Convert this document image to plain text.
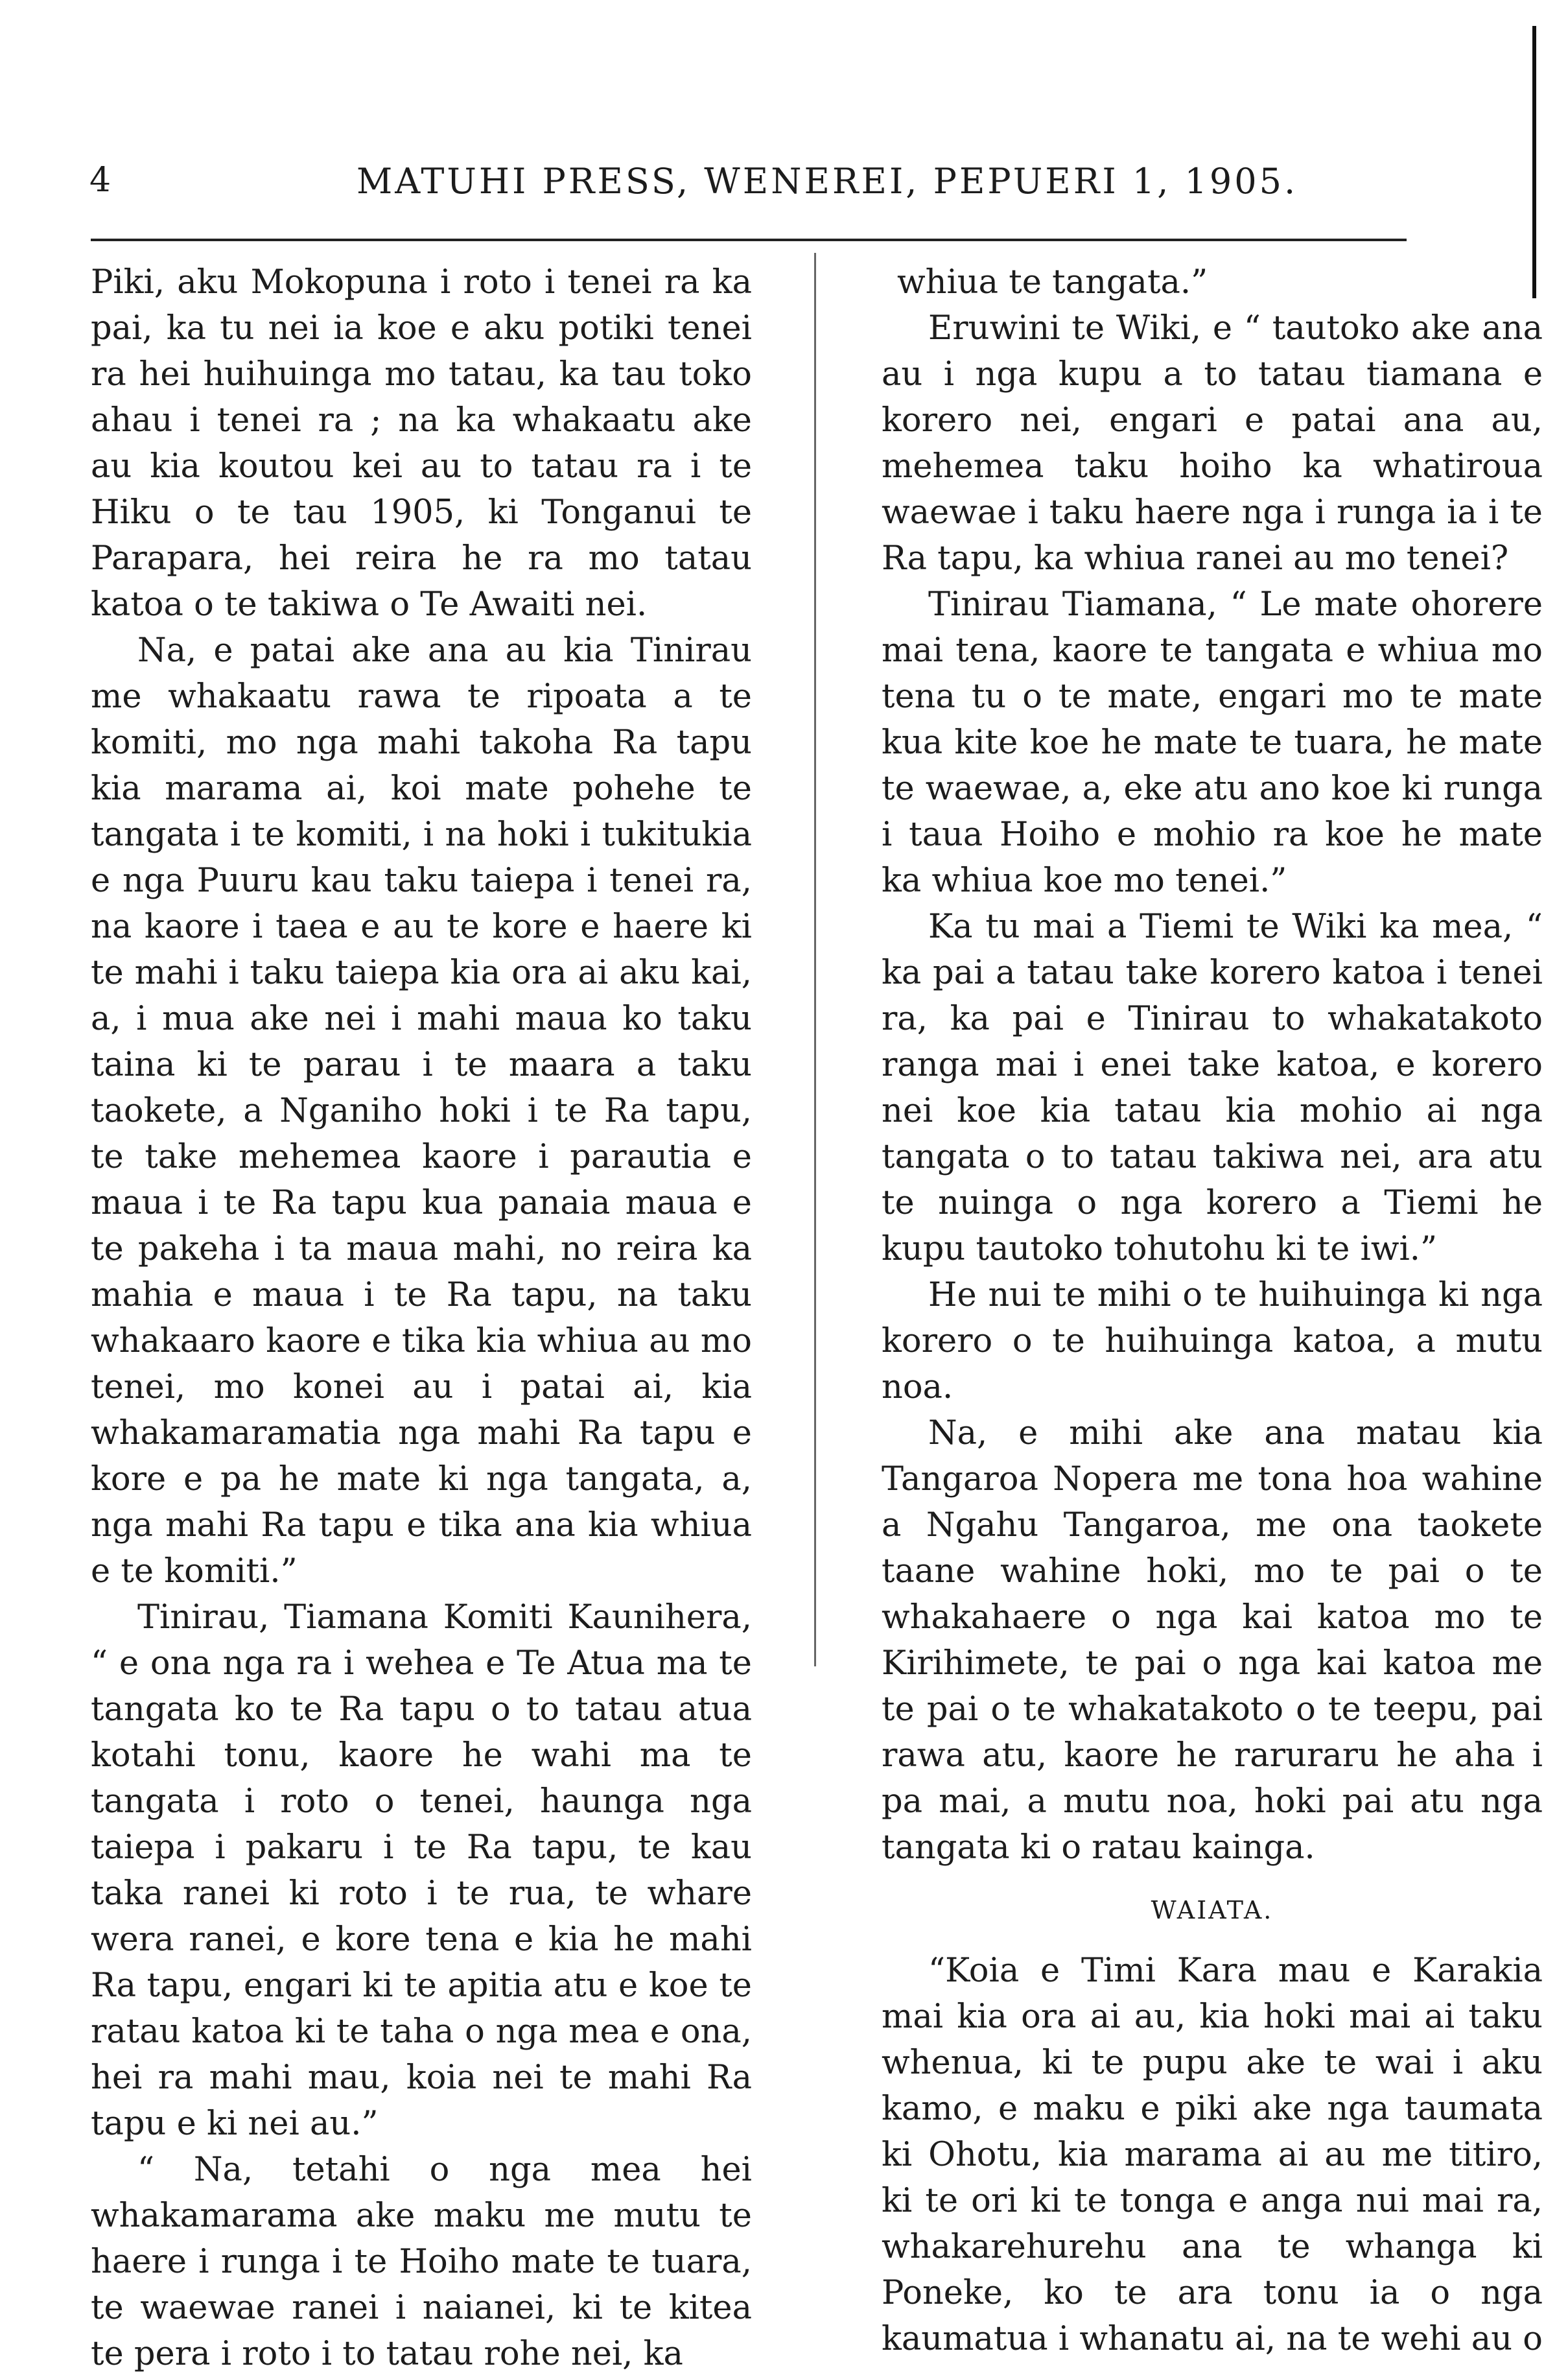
4	MATUHI PRESS, WENEREI, PEPUERI 1, 1905.

Piki, aku Mokopuna i roto i tenei ra ka pai, ka tu nei ia koe e aku potiki tenei ra hei huihuinga mo tatau, ka tau toko ahau i tenei ra ; na ka whakaatu ake au kia koutou kei au to tatau ra i te Hiku o te tau 1905, ki Tonganui te Parapara, hei reira he ra mo tatau katoa o te takiwa o Te Awaiti nei.

Na, e patai ake ana au kia Tinirau me whakaatu rawa te ripoata a te komiti, mo nga mahi takoha Ra tapu kia marama ai, koi mate pohehe te tangata i te komiti, i na hoki i tukitukia e nga Puuru kau taku taiepa i tenei ra, na kaore i taea e au te kore e haere ki te mahi i taku taiepa kia ora ai aku kai, a, i mua ake nei i mahi maua ko taku taina ki te parau i te maara a taku taokete, a Nganiho hoki i te Ra tapu, te take mehemea kaore i parautia e maua i te Ra tapu kua panaia maua e te pakeha i ta maua mahi, no reira ka mahia e maua i te Ra tapu, na taku whakaaro kaore e tika kia whiua au mo tenei, mo konei au i patai ai, kia whakamaramatia nga mahi Ra tapu e kore e pa he mate ki nga tangata, a, nga mahi Ra tapu e tika ana kia whiua e te komiti.”

Tinirau, Tiamana Komiti Kaunihera, “ e ona nga ra i wehea e Te Atua ma te tangata ko te Ra tapu o to tatau atua kotahi tonu, kaore he wahi ma te tangata i roto o tenei, haunga nga taiepa i pakaru i te Ra tapu, te kau taka ranei ki roto i te rua, te whare wera ranei, e kore tena e kia he mahi Ra tapu, engari ki te apitia atu e koe te ratau katoa ki te taha o nga mea e ona, hei ra mahi mau, koia nei te mahi Ra tapu e ki nei au.”

“ Na, tetahi o nga mea hei whakamarama ake maku me mutu te haere i runga i te Hoiho mate te tuara, te waewae ranei i naianei, ki te kitea te pera i roto i to tatau rohe nei, ka

whiua te tangata.”

Eruwini te Wiki, e “ tautoko ake ana au i nga kupu a to tatau tiamana e korero nei, engari e patai ana au, mehemea taku hoiho ka whatiroua waewae i taku haere nga i runga ia i te Ra tapu, ka whiua ranei au mo tenei?

Tinirau Tiamana, “ Le mate ohorere mai tena, kaore te tangata e whiua mo tena tu o te mate, engari mo te mate kua kite koe he mate te tuara, he mate te waewae, a, eke atu ano koe ki runga i taua Hoiho e mohio ra koe he mate ka whiua koe mo tenei.”

Ka tu mai a Tiemi te Wiki ka mea, “ ka pai a tatau take korero katoa i tenei ra, ka pai e Tinirau to whakatakoto ranga mai i enei take katoa, e korero nei koe kia tatau kia mohio ai nga tangata o to tatau takiwa nei, ara atu te nuinga o nga korero a Tiemi he kupu tautoko tohutohu ki te iwi.”

He nui te mihi o te huihuinga ki nga korero o te huihuinga katoa, a mutu noa.

Na, e mihi ake ana matau kia Tangaroa Nopera me tona hoa wahine a Ngahu Tangaroa, me ona taokete taane wahine hoki, mo te pai o te whakahaere o nga kai katoa mo te Kirihimete, te pai o nga kai katoa me te pai o te whakatakoto o te teepu, pai rawa atu, kaore he raruraru he aha i pa mai, a mutu noa, hoki pai atu nga tangata ki o ratau kainga.

WAIATA.

“Koia e Timi Kara mau e Karakia mai kia ora ai au, kia hoki mai ai taku whenua, ki te pupu ake te wai i aku kamo, e maku e piki ake nga taumata ki Ohotu, kia marama ai au me titiro, ki te ori ki te tonga e anga nui mai ra, whakarehurehu ana te whanga ki Poneke, ko te ara tonu ia o nga kaumatua i whanatu ai, na te wehi au o
